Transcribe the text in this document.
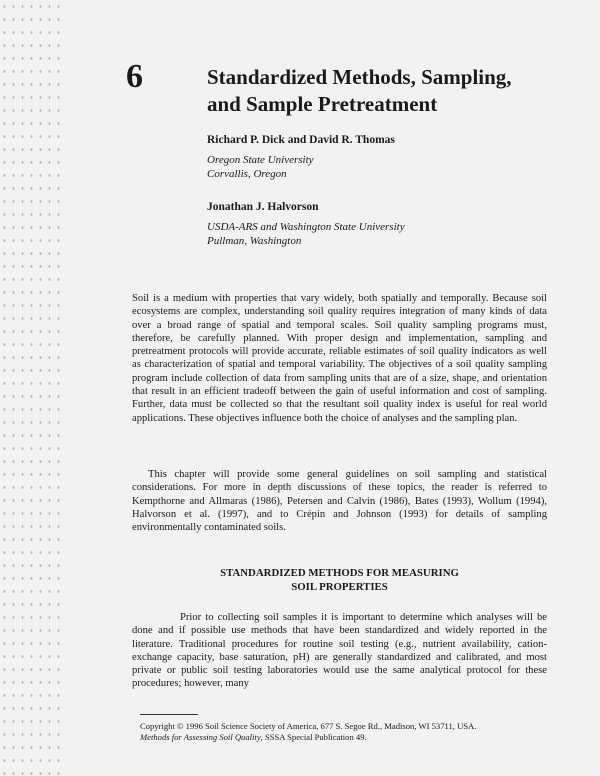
6	Standardized Methods, Sampling,
and Sample Pretreatment
Richard P. Dick and David R. Thomas
Oregon State University
Corvallis, Oregon
Jonathan J. Halvorson
USDA-ARS and Washington State University
Pullman, Washington

Soil is a medium with properties that vary widely, both spatially and temporally. Because soil ecosystems are complex, understanding soil quality requires integration of many kinds of data over a broad range of spatial and temporal scales. Soil quality sampling programs must, therefore, be carefully planned. With proper design and implementation, sampling and pretreatment protocols will provide accurate, reliable estimates of soil quality indicators as well as characterization of spatial and temporal variability. The objectives of a soil quality sampling program include collection of data from sampling units that are of a size, shape, and orientation that result in an efficient tradeoff between the gain of useful information and cost of sampling. Further, data must be collected so that the resultant soil quality index is useful for real world applications. These objectives influence both the choice of analyses and the sampling plan.

This chapter will provide some general guidelines on soil sampling and statistical considerations. For more in depth discussions of these topics, the reader is referred to Kempthorne and Allmaras (1986), Petersen and Calvin (1986), Bates (1993), Wollum (1994), Halvorson et al. (1997), and to Crépin and Johnson (1993) for details of sampling environmentally contaminated soils.

STANDARDIZED METHODS FOR MEASURING
SOIL PROPERTIES

Prior to collecting soil samples it is important to determine which analyses will be done and if possible use methods that have been standardized and widely reported in the literature. Traditional procedures for routine soil testing (e.g., nutrient availability, cation-exchange capacity, base saturation, pH) are generally standardized and calibrated, and most private or public soil testing laboratories would use the same analytical protocol for these procedures; however, many

Copyright © 1996 Soil Science Society of America, 677 S. Segoe Rd., Madison, WI 53711, USA.
Methods for Assessing Soil Quality, SSSA Special Publication 49.
